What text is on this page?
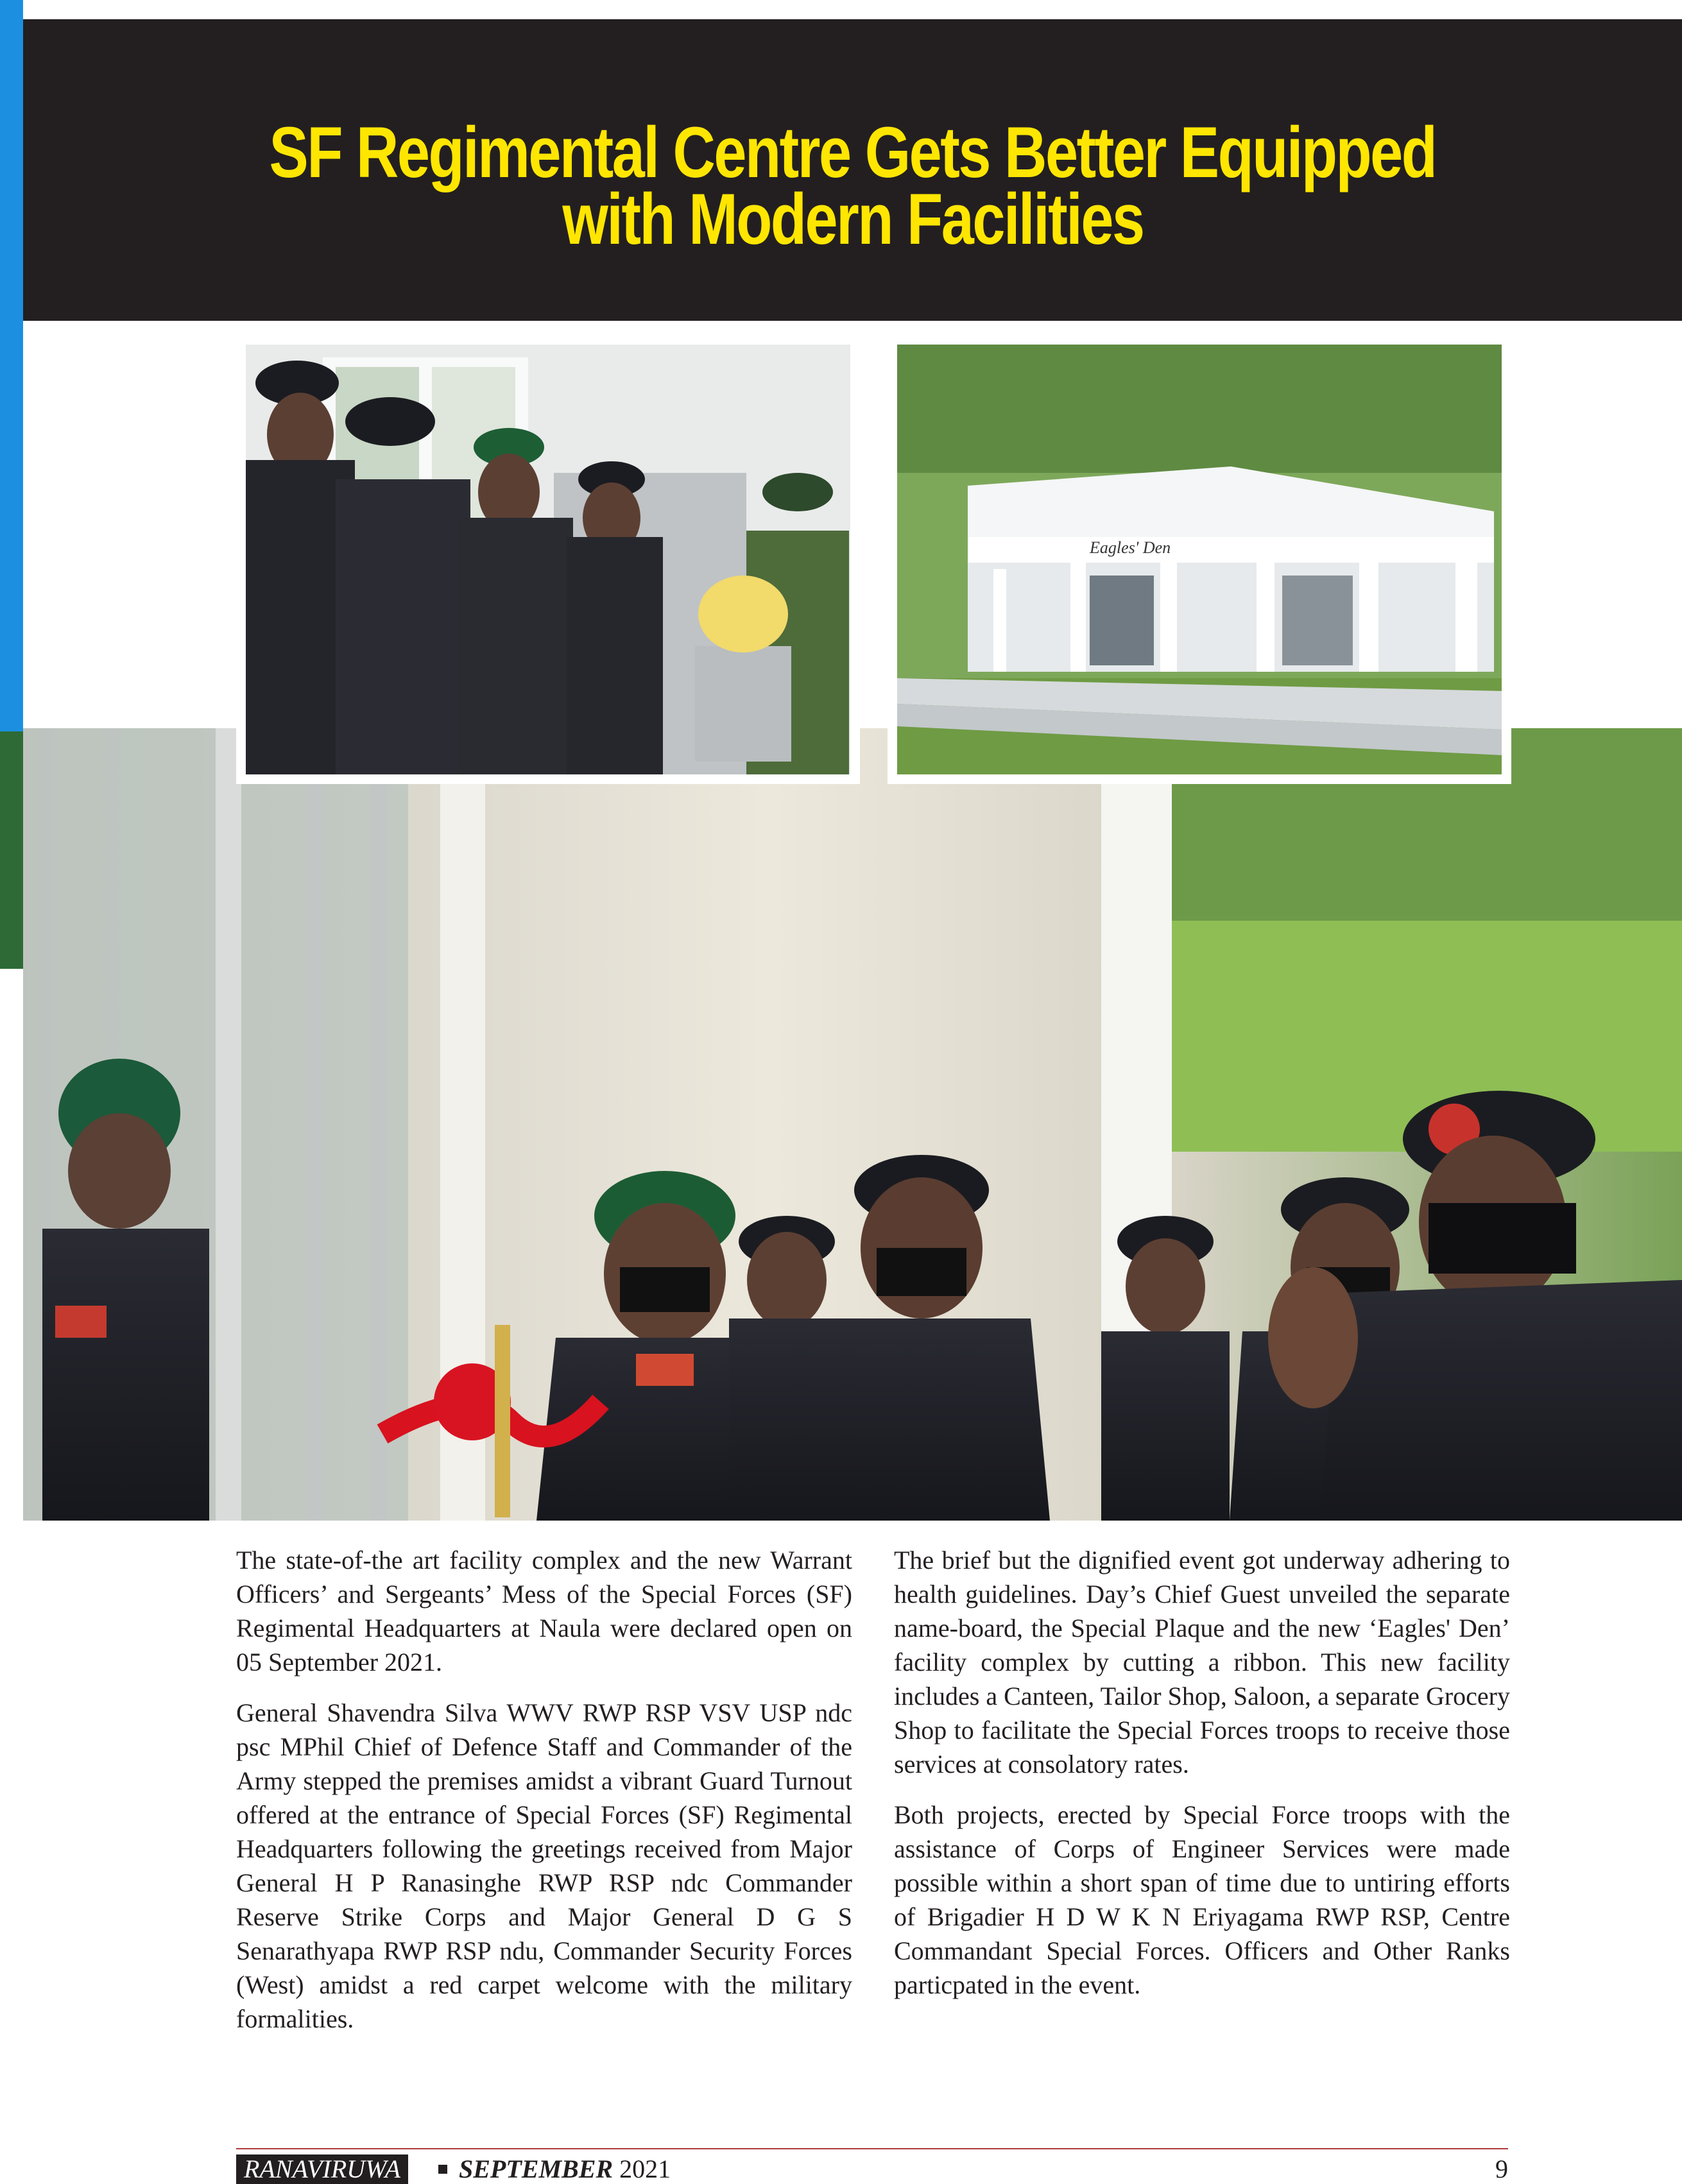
SF Regimental Centre Gets Better Equipped
with Modern Facilities
Eagles' Den

The state-of-the art facility complex and the new Warrant Officers’ and Sergeants’ Mess of the Special Forces (SF) Regimental Headquarters at Naula were declared open on 05 September 2021.

General Shavendra Silva WWV RWP RSP VSV USP ndc psc MPhil Chief of Defence Staff and Commander of the Army stepped the premises amidst a vibrant Guard Turnout offered at the entrance of Special Forces (SF) Regimental Headquarters following the greetings received from Major General H P Ranasinghe RWP RSP ndc Commander Reserve Strike Corps and Major General D G S Senarathyapa RWP RSP ndu, Commander Security Forces (West) amidst a red carpet welcome with the military formalities.

The brief but the dignified event got underway adhering to health guidelines. Day’s Chief Guest unveiled the separate name-board, the Special Plaque and the new ‘Eagles' Den’ facility complex by cutting a ribbon. This new facility includes a Canteen, Tailor Shop, Saloon, a separate Grocery Shop to facilitate the Special Forces troops to receive those services at consolatory rates.

Both projects, erected by Special Force troops with the assistance of Corps of Engineer Services were made possible within a short span of time due to untiring efforts of Brigadier H D W K N Eriyagama RWP RSP, Centre Commandant Special Forces. Officers and Other Ranks particpated in the event.

RANAVIRUWA	SEPTEMBER 2021	9
